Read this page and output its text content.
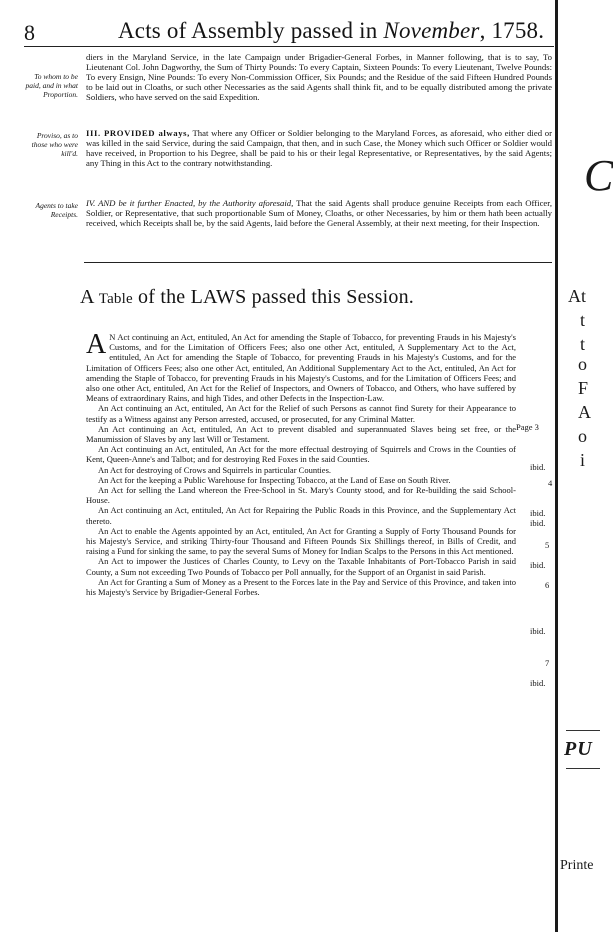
8	Acts of Assembly passed in November, 1758.
To whom to be paid, and in what Proportion.
diers in the Maryland Service, in the late Campaign under Brigadier-General Forbes, in Manner following, that is to say, To Lieutenant Col. John Dagworthy, the Sum of Thirty Pounds: To every Captain, Sixteen Pounds: To every Lieutenant, Twelve Pounds: To every Ensign, Nine Pounds: To every Non-Commission Officer, Six Pounds; and the Residue of the said Fifteen Hundred Pounds to be laid out in Cloaths, or such other Necessaries as the said Agents shall think fit, and to be equally distributed among the private Soldiers, who have served on the said Expedition.
Proviso, as to those who were kill'd.
III. PROVIDED always, That where any Officer or Soldier belonging to the Maryland Forces, as aforesaid, who either died or was killed in the said Service, during the said Campaign, that then, and in such Case, the Money which such Officer or Soldier would have received, in Proportion to his Degree, shall be paid to his or their legal Representative, or Representatives, by the said Agents; any Thing in this Act to the contrary notwithstanding.
Agents to take Receipts.
IV. AND be it further Enacted, by the Authority aforesaid, That the said Agents shall produce genuine Receipts from each Officer, Soldier, or Representative, that such proportionable Sum of Money, Cloaths, or other Necessaries, by him or them hath been actually received, which Receipts shall be, by the said Agents, laid before the General Assembly, at their next meeting, for their Inspection.
A Table of the LAWS passed this Session.

A N Act continuing an Act, entituled, An Act for amending the Staple of Tobacco, for preventing Frauds in his Majesty's Customs, and for the Limitation of Officers Fees; also one other Act, entituled, A Supplementary Act to the Act, entituled, An Act for amending the Staple of Tobacco, for preventing Frauds in his Majesty's Customs, and for the Limitation of Officers Fees; also one other Act, entituled, An Additional Supplementary Act to the Act, entituled, An Act for amending the Staple of Tobacco, for preventing Frauds in his Majesty's Customs, and for the Limitation of Officers Fees; and also one other Act, entituled, An Act for the Relief of Inspectors, and Owners of Tobacco, and Others, who have suffered by Means of extraordinary Rains, and high Tides, and other Defects in the Inspection-Law.

An Act continuing an Act, entituled, An Act for the Relief of such Persons as cannot find Surety for their Appearance to testify as a Witness against any Person arrested, accused, or prosecuted, for any Criminal Matter.

An Act continuing an Act, entituled, An Act to prevent disabled and superannuated Slaves being set free, or the Manumission of Slaves by any last Will or Testament.

An Act continuing an Act, entituled, An Act for the more effectual destroying of Squirrels and Crows in the Counties of Kent, Queen-Anne's and Talbot; and for destroying Red Foxes in the said Counties.

An Act for destroying of Crows and Squirrels in particular Counties.

An Act for the keeping a Public Warehouse for Inspecting Tobacco, at the Land of Ease on South River.

An Act for selling the Land whereon the Free-School in St. Mary's County stood, and for Re-building the said School-House.

An Act continuing an Act, entituled, An Act for Repairing the Public Roads in this Province, and the Supplementary Act thereto.

An Act to enable the Agents appointed by an Act, entituled, An Act for Granting a Supply of Forty Thousand Pounds for his Majesty's Service, and striking Thirty-four Thousand and Fifteen Pounds Six Shillings thereof, in Bills of Credit, and raising a Fund for sinking the same, to pay the several Sums of Money for Indian Scalps to the Persons in this Act mentioned.

An Act to impower the Justices of Charles County, to Levy on the Taxable Inhabitants of Port-Tobacco Parish in said County, a Sum not exceeding Two Pounds of Tobacco per Poll annually, for the Support of an Organist in said Parish.

An Act for Granting a Sum of Money as a Present to the Forces late in the Pay and Service of this Province, and taken into his Majesty's Service by Brigadier-General Forbes.

Page 3
ibid.
4
ibid.
ibid.
5
ibid.
6
ibid.
7
ibid.
C
At
t
t
o
F
A
o
i
PU
Printe
